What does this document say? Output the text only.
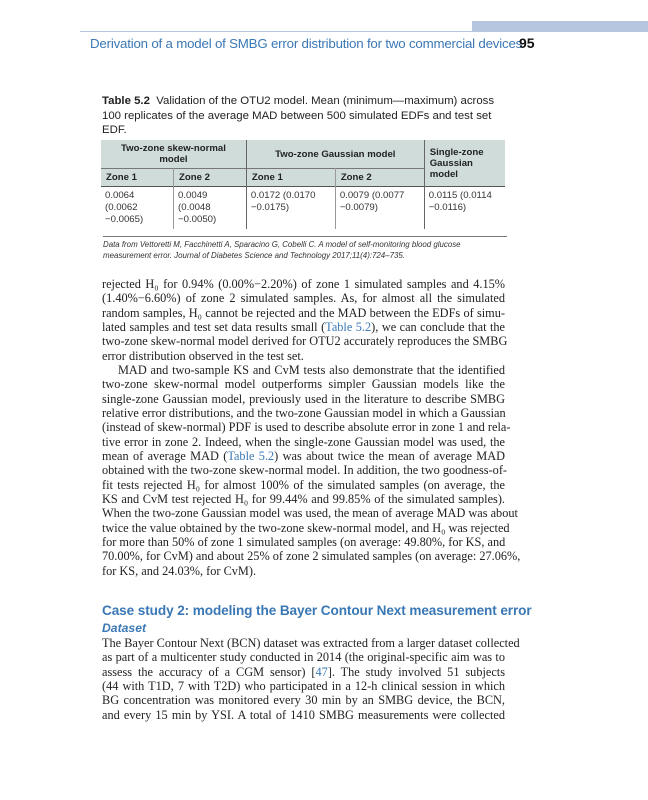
Derivation of a model of SMBG error distribution for two commercial devices
95
Table 5.2 Validation of the OTU2 model. Mean (minimum—maximum) across 100 replicates of the average MAD between 500 simulated EDFs and test set EDF.
Two-zone skew-normal model		Two-zone Gaussian model		Single-zone Gaussian model
Zone 1	Zone 2	Zone 1	Zone 2	
0.0064 (0.0062 −0.0065)	0.0049 (0.0048 −0.0050)	0.0172 (0.0170 −0.0175)	0.0079 (0.0077 −0.0079)	0.0115 (0.0114 −0.0116)
Data from Vettoretti M, Facchinetti A, Sparacino G, Cobelli C. A model of self-monitoring blood glucose measurement error. Journal of Diabetes Science and Technology 2017;11(4):724–735.
rejected H₀ for 0.94% (0.00%−2.20%) of zone 1 simulated samples and 4.15%
(1.40%−6.60%) of zone 2 simulated samples. As, for almost all the simulated
random samples, H₀ cannot be rejected and the MAD between the EDFs of simu-
lated samples and test set data results small (Table 5.2), we can conclude that the
two-zone skew-normal model derived for OTU2 accurately reproduces the SMBG
error distribution observed in the test set.
MAD and two-sample KS and CvM tests also demonstrate that the identified
two-zone skew-normal model outperforms simpler Gaussian models like the
single-zone Gaussian model, previously used in the literature to describe SMBG
relative error distributions, and the two-zone Gaussian model in which a Gaussian
(instead of skew-normal) PDF is used to describe absolute error in zone 1 and rela-
tive error in zone 2. Indeed, when the single-zone Gaussian model was used, the
mean of average MAD (Table 5.2) was about twice the mean of average MAD
obtained with the two-zone skew-normal model. In addition, the two goodness-of-
fit tests rejected H₀ for almost 100% of the simulated samples (on average, the
KS and CvM test rejected H₀ for 99.44% and 99.85% of the simulated samples).
When the two-zone Gaussian model was used, the mean of average MAD was about
twice the value obtained by the two-zone skew-normal model, and H₀ was rejected
for more than 50% of zone 1 simulated samples (on average: 49.80%, for KS, and
70.00%, for CvM) and about 25% of zone 2 simulated samples (on average: 27.06%,
for KS, and 24.03%, for CvM).
Case study 2: modeling the Bayer Contour Next measurement error
Dataset
The Bayer Contour Next (BCN) dataset was extracted from a larger dataset collected
as part of a multicenter study conducted in 2014 (the original-specific aim was to
assess the accuracy of a CGM sensor) [47]. The study involved 51 subjects
(44 with T1D, 7 with T2D) who participated in a 12-h clinical session in which
BG concentration was monitored every 30 min by an SMBG device, the BCN,
and every 15 min by YSI. A total of 1410 SMBG measurements were collected
